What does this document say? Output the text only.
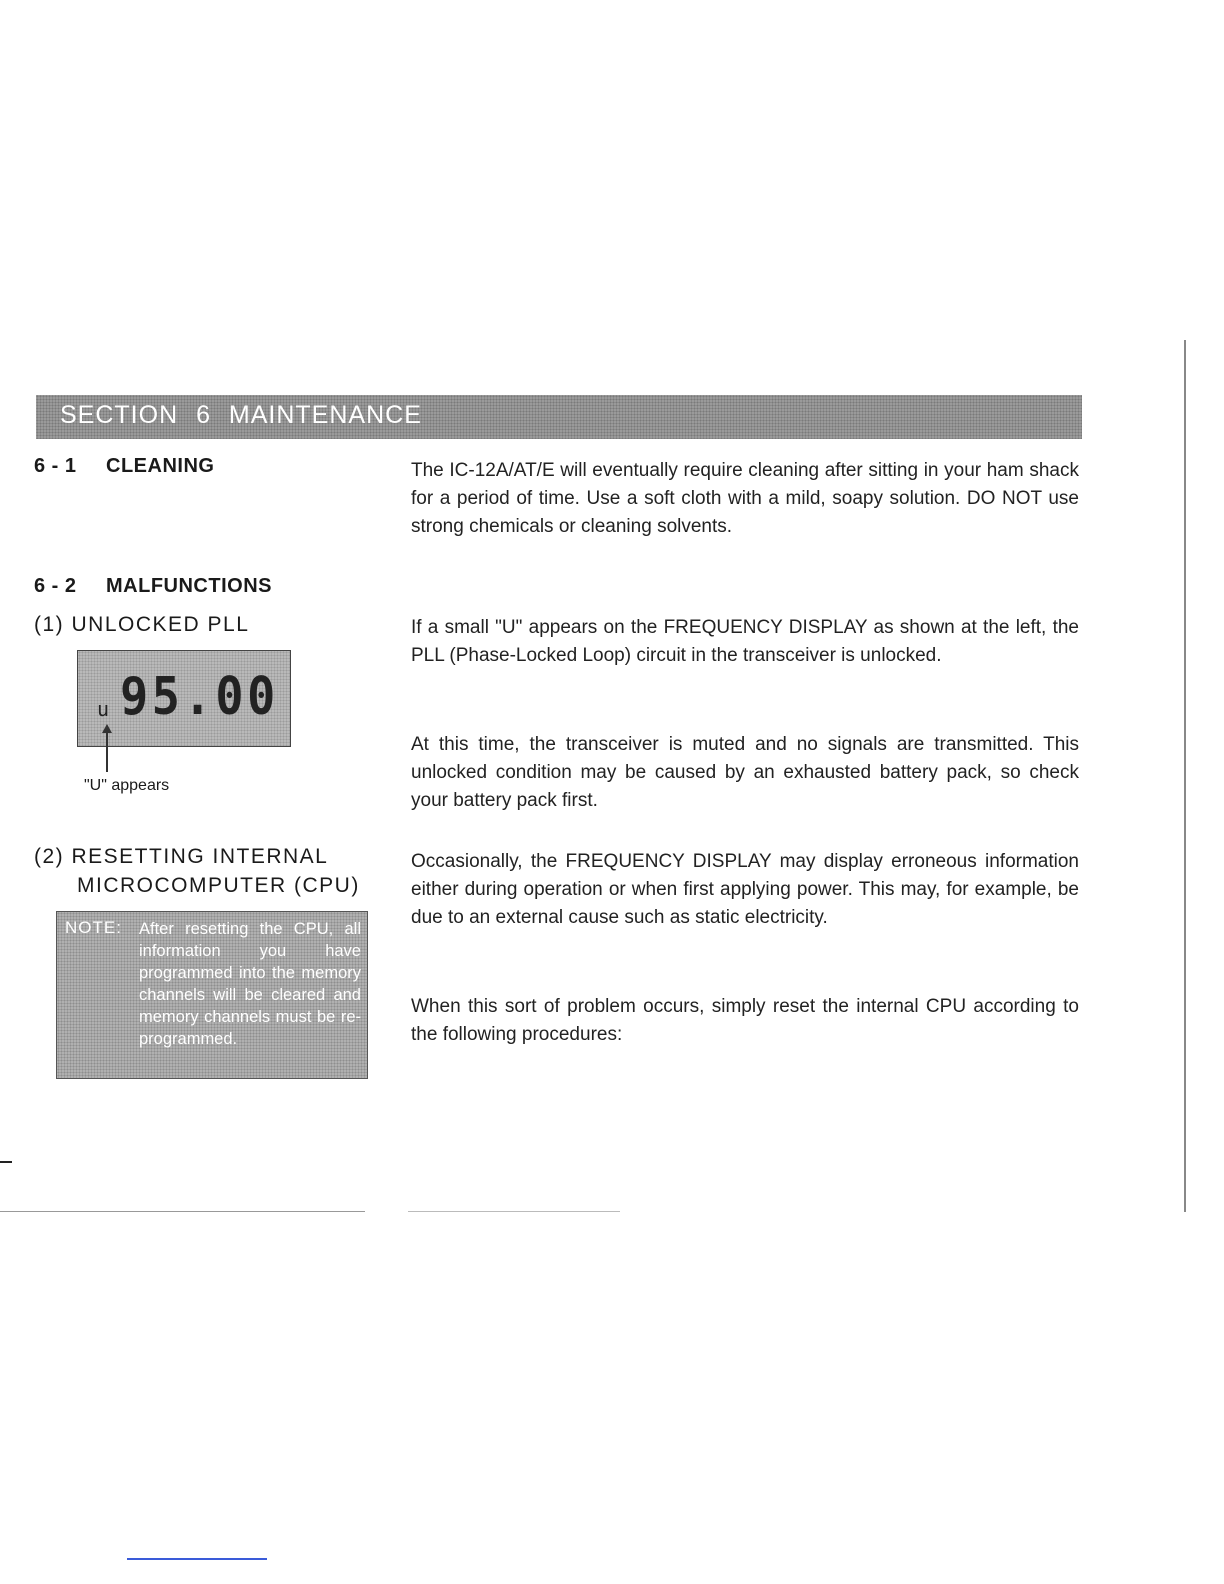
SECTION 6 MAINTENANCE
6 - 1 CLEANING	The IC-12A/AT/E will eventually require cleaning after sitting in your ham shack for a period of time. Use a soft cloth with a mild, soapy solution. DO NOT use strong chemicals or cleaning solvents.
6 - 2 MALFUNCTIONS
(1) UNLOCKED PLL
u 95.00
"U" appears
If a small "U" appears on the FREQUENCY DISPLAY as shown at the left, the PLL (Phase-Locked Loop) circuit in the transceiver is unlocked.
At this time, the transceiver is muted and no signals are transmitted. This unlocked condition may be caused by an exhausted battery pack, so check your battery pack first.
(2) RESETTING INTERNAL
MICROCOMPUTER (CPU)
NOTE: After resetting the CPU, all information you have programmed into the memory channels will be cleared and memory channels must be re-programmed.
Occasionally, the FREQUENCY DISPLAY may display erroneous information either during operation or when first applying power. This may, for example, be due to an external cause such as static electricity.
When this sort of problem occurs, simply reset the internal CPU according to the following procedures:
